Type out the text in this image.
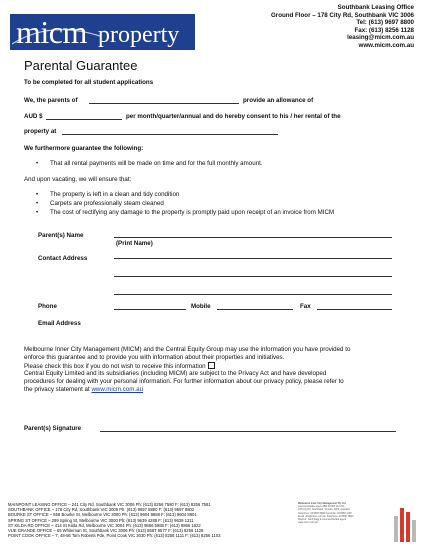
micm property
Southbank Leasing Office
Ground Floor – 178 City Rd, Southbank VIC 3006
Tel: (613) 9697 8800
Fax: (613) 8256 1128
leasing@micm.com.au
www.micm.com.au
Parental Guarantee
To be completed for all student applications
We, the parents of	provide an allowance of
AUD $	per month/quarter/annual and do hereby consent to his / her rental of the
property at
We furthermore guarantee the following:
• That all rental payments will be made on time and for the full monthly amount.
And upon vacating, we will ensure that:
• The property is left in a clean and tidy condition
• Carpets are professionally steam cleaned
• The cost of rectifying any damage to the property is promptly paid upon receipt of an invoice from MICM
Parent(s) Name
(Print Name)
Contact Address
Phone	Mobile	Fax
Email Address
Melbourne Inner City Management (MICM) and the Central Equity Group may use the information you have provided to
enforce this guarantee and to provide you with information about their properties and initiatives.
Please check this box if you do not wish to receive this information
Central Equity Limited and its subsidiaries (including MICM) are subject to the Privacy Act and have developed
procedures for dealing with your personal information. For further information about our privacy policy, please refer to
the privacy statement at www.micm.com.au
Parent(s) Signature
MAINPOINT LEASING OFFICE – 241 City Rd, Southbank VIC 3006 Ph: (613) 8256 7580 F: (613) 8256 7581
SOUTHBANK OFFICE – 178 City Rd, Southbank VIC 3006 Ph: (613) 9697 8800 F: (613) 9697 8802
BOURKE ST OFFICE – 668 Bourke St, Melbourne VIC 3000 Ph: (613) 9604 8888 F: (613) 9604 8801
SPRING ST OFFICE – 299 Spring St, Melbourne VIC 3000 Ph: (613) 9639 4288 F: (613) 9639 1311
ST KILDA RD OFFICE – 414 St Kilda Rd, Melbourne VIC 3004 Ph: (613) 9866 5988 F: (613) 9866 1822
VUE GRANDE OFFICE – 65 Whiteman St, Southbank VIC 3006 Ph: (613) 8687 9577 F: (613) 8256 1128
POINT COOK OFFICE – 7, 48-56 Tom Roberts Pde, Point Cook VIC 3030 Ph: (613) 8256 1111 F: (613) 8256 1103
Melbourne Inner City Management Pty Ltd
Licensed Estate Agent ABN 49 080 112 223
178 City Rd, Southbank, Victoria, 3006, Australia
Telephone: 03 9697 8800 Facsimile: 03 8256 1128
Email: info@micm.com.au Telephone: 03 9697 8800
Director: Keith Fagg & Licensed Estate Agent
www.micm.com.au
